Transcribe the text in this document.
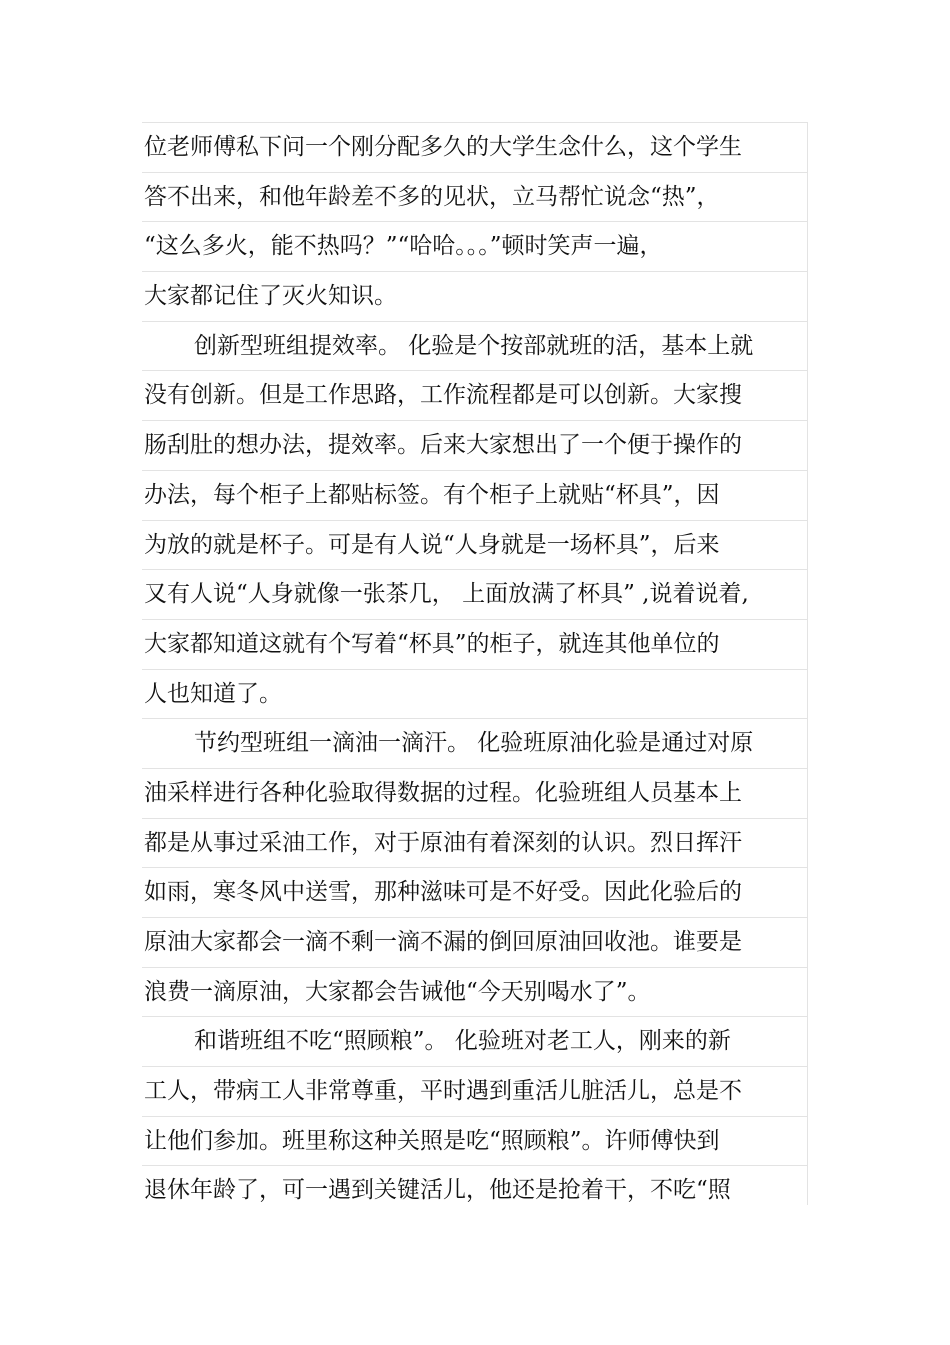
位老师傅私下问一个刚分配多久的大学生念什么，这个学生
答不出来，和他年龄差不多的见状，立马帮忙说念“热”，
“这么多火，能不热吗？”“哈哈。。。”顿时笑声一遍，
大家都记住了灭火知识。
创新型班组提效率。 化验是个按部就班的活，基本上就
没有创新。但是工作思路，工作流程都是可以创新。大家搜
肠刮肚的想办法，提效率。后来大家想出了一个便于操作的
办法，每个柜子上都贴标签。有个柜子上就贴“杯具”，因
为放的就是杯子。可是有人说“人身就是一场杯具”，后来
又有人说“人身就像一张茶几， 上面放满了杯具” ,说着说着,
大家都知道这就有个写着“杯具”的柜子，就连其他单位的
人也知道了。
节约型班组一滴油一滴汗。 化验班原油化验是通过对原
油采样进行各种化验取得数据的过程。化验班组人员基本上
都是从事过采油工作，对于原油有着深刻的认识。烈日挥汗
如雨，寒冬风中送雪，那种滋味可是不好受。因此化验后的
原油大家都会一滴不剩一滴不漏的倒回原油回收池。谁要是
浪费一滴原油，大家都会告诫他“今天别喝水了”。
和谐班组不吃“照顾粮”。 化验班对老工人，刚来的新
工人，带病工人非常尊重，平时遇到重活儿脏活儿，总是不
让他们参加。班里称这种关照是吃“照顾粮”。许师傅快到
退休年龄了，可一遇到关键活儿，他还是抢着干，不吃“照
